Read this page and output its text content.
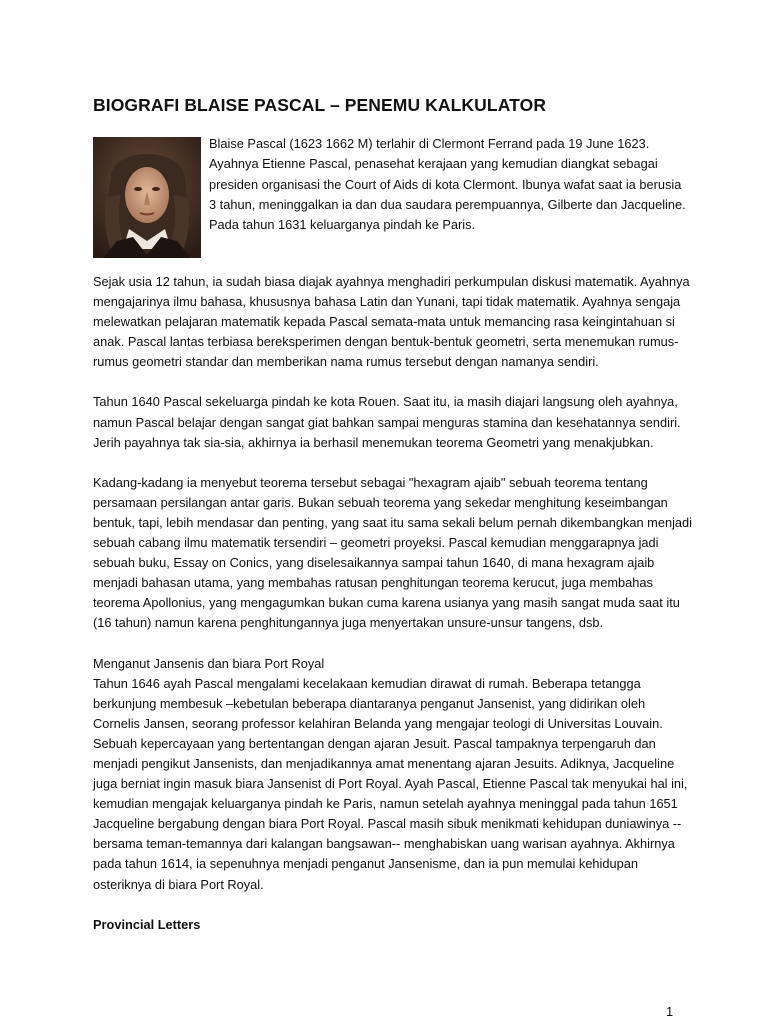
BIOGRAFI BLAISE PASCAL – PENEMU KALKULATOR

Blaise Pascal (1623 1662 M) terlahir di Clermont Ferrand pada 19 June 1623. Ayahnya Etienne Pascal, penasehat kerajaan yang kemudian diangkat sebagai presiden organisasi the Court of Aids di kota Clermont. Ibunya wafat saat ia berusia 3 tahun, meninggalkan ia dan dua saudara perempuannya, Gilberte dan Jacqueline. Pada tahun 1631 keluarganya pindah ke Paris.

Sejak usia 12 tahun, ia sudah biasa diajak ayahnya menghadiri perkumpulan diskusi matematik. Ayahnya mengajarinya ilmu bahasa, khususnya bahasa Latin dan Yunani, tapi tidak matematik. Ayahnya sengaja melewatkan pelajaran matematik kepada Pascal semata-mata untuk memancing rasa keingintahuan si anak. Pascal lantas terbiasa bereksperimen dengan bentuk-bentuk geometri, serta menemukan rumus-rumus geometri standar dan memberikan nama rumus tersebut dengan namanya sendiri.

Tahun 1640 Pascal sekeluarga pindah ke kota Rouen. Saat itu, ia masih diajari langsung oleh ayahnya, namun Pascal belajar dengan sangat giat bahkan sampai menguras stamina dan kesehatannya sendiri. Jerih payahnya tak sia-sia, akhirnya ia berhasil menemukan teorema Geometri yang menakjubkan.

Kadang-kadang ia menyebut teorema tersebut sebagai "hexagram ajaib" sebuah teorema tentang persamaan persilangan antar garis. Bukan sebuah teorema yang sekedar menghitung keseimbangan bentuk, tapi, lebih mendasar dan penting, yang saat itu sama sekali belum pernah dikembangkan menjadi sebuah cabang ilmu matematik tersendiri – geometri proyeksi. Pascal kemudian menggarapnya jadi sebuah buku, Essay on Conics, yang diselesaikannya sampai tahun 1640, di mana hexagram ajaib menjadi bahasan utama, yang membahas ratusan penghitungan teorema kerucut, juga membahas teorema Apollonius, yang mengagumkan bukan cuma karena usianya yang masih sangat muda saat itu (16 tahun) namun karena penghitungannya juga menyertakan unsure-unsur tangens, dsb.

Menganut Jansenis dan biara Port Royal

Tahun 1646 ayah Pascal mengalami kecelakaan kemudian dirawat di rumah. Beberapa tetangga berkunjung membesuk –kebetulan beberapa diantaranya penganut Jansenist, yang didirikan oleh Cornelis Jansen, seorang professor kelahiran Belanda yang mengajar teologi di Universitas Louvain. Sebuah kepercayaan yang bertentangan dengan ajaran Jesuit. Pascal tampaknya terpengaruh dan menjadi pengikut Jansenists, dan menjadikannya amat menentang ajaran Jesuits. Adiknya, Jacqueline juga berniat ingin masuk biara Jansenist di Port Royal. Ayah Pascal, Etienne Pascal tak menyukai hal ini, kemudian mengajak keluarganya pindah ke Paris, namun setelah ayahnya meninggal pada tahun 1651 Jacqueline bergabung dengan biara Port Royal. Pascal masih sibuk menikmati kehidupan duniawinya --bersama teman-temannya dari kalangan bangsawan-- menghabiskan uang warisan ayahnya. Akhirnya pada tahun 1614, ia sepenuhnya menjadi penganut Jansenisme, dan ia pun memulai kehidupan osteriknya di biara Port Royal.

Provincial Letters

1
